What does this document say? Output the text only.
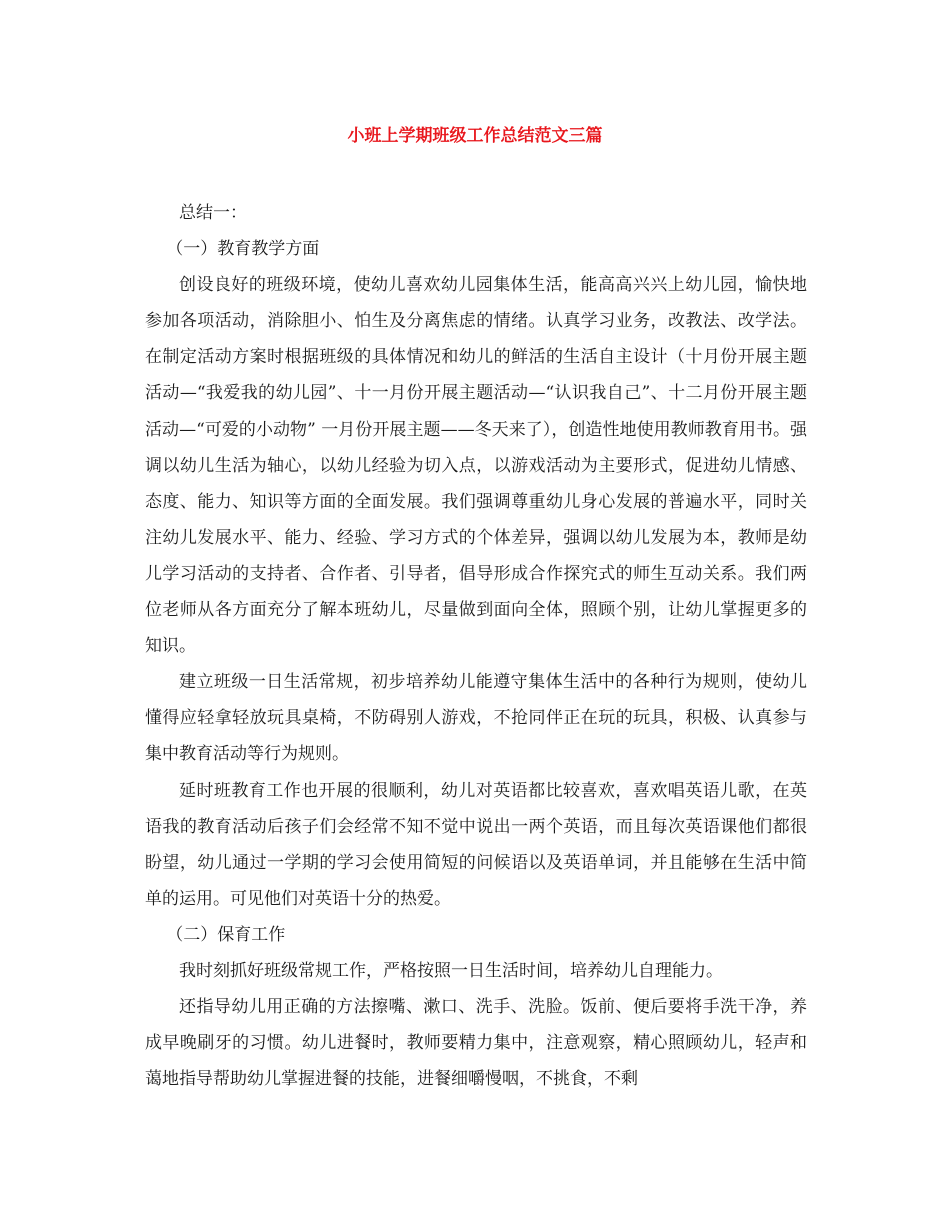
小班上学期班级工作总结范文三篇

总结一：

（一）教育教学方面

创设良好的班级环境，使幼儿喜欢幼儿园集体生活，能高高兴兴上幼儿园，愉快地参加各项活动，消除胆小、怕生及分离焦虑的情绪。认真学习业务，改教法、改学法。在制定活动方案时根据班级的具体情况和幼儿的鲜活的生活自主设计（十月份开展主题活动—“我爱我的幼儿园”、十一月份开展主题活动—“认识我自己”、十二月份开展主题活动—“可爱的小动物” 一月份开展主题——冬天来了），创造性地使用教师教育用书。强调以幼儿生活为轴心，以幼儿经验为切入点，以游戏活动为主要形式，促进幼儿情感、态度、能力、知识等方面的全面发展。我们强调尊重幼儿身心发展的普遍水平，同时关注幼儿发展水平、能力、经验、学习方式的个体差异，强调以幼儿发展为本，教师是幼儿学习活动的支持者、合作者、引导者，倡导形成合作探究式的师生互动关系。我们两位老师从各方面充分了解本班幼儿，尽量做到面向全体，照顾个别，让幼儿掌握更多的知识。

建立班级一日生活常规，初步培养幼儿能遵守集体生活中的各种行为规则，使幼儿懂得应轻拿轻放玩具桌椅，不防碍别人游戏，不抢同伴正在玩的玩具，积极、认真参与集中教育活动等行为规则。

延时班教育工作也开展的很顺利，幼儿对英语都比较喜欢，喜欢唱英语儿歌，在英语我的教育活动后孩子们会经常不知不觉中说出一两个英语，而且每次英语课他们都很盼望，幼儿通过一学期的学习会使用简短的问候语以及英语单词，并且能够在生活中简单的运用。可见他们对英语十分的热爱。

（二）保育工作

我时刻抓好班级常规工作，严格按照一日生活时间，培养幼儿自理能力。

还指导幼儿用正确的方法擦嘴、漱口、洗手、洗脸。饭前、便后要将手洗干净，养成早晚刷牙的习惯。幼儿进餐时，教师要精力集中，注意观察，精心照顾幼儿，轻声和蔼地指导帮助幼儿掌握进餐的技能，进餐细嚼慢咽，不挑食，不剩
